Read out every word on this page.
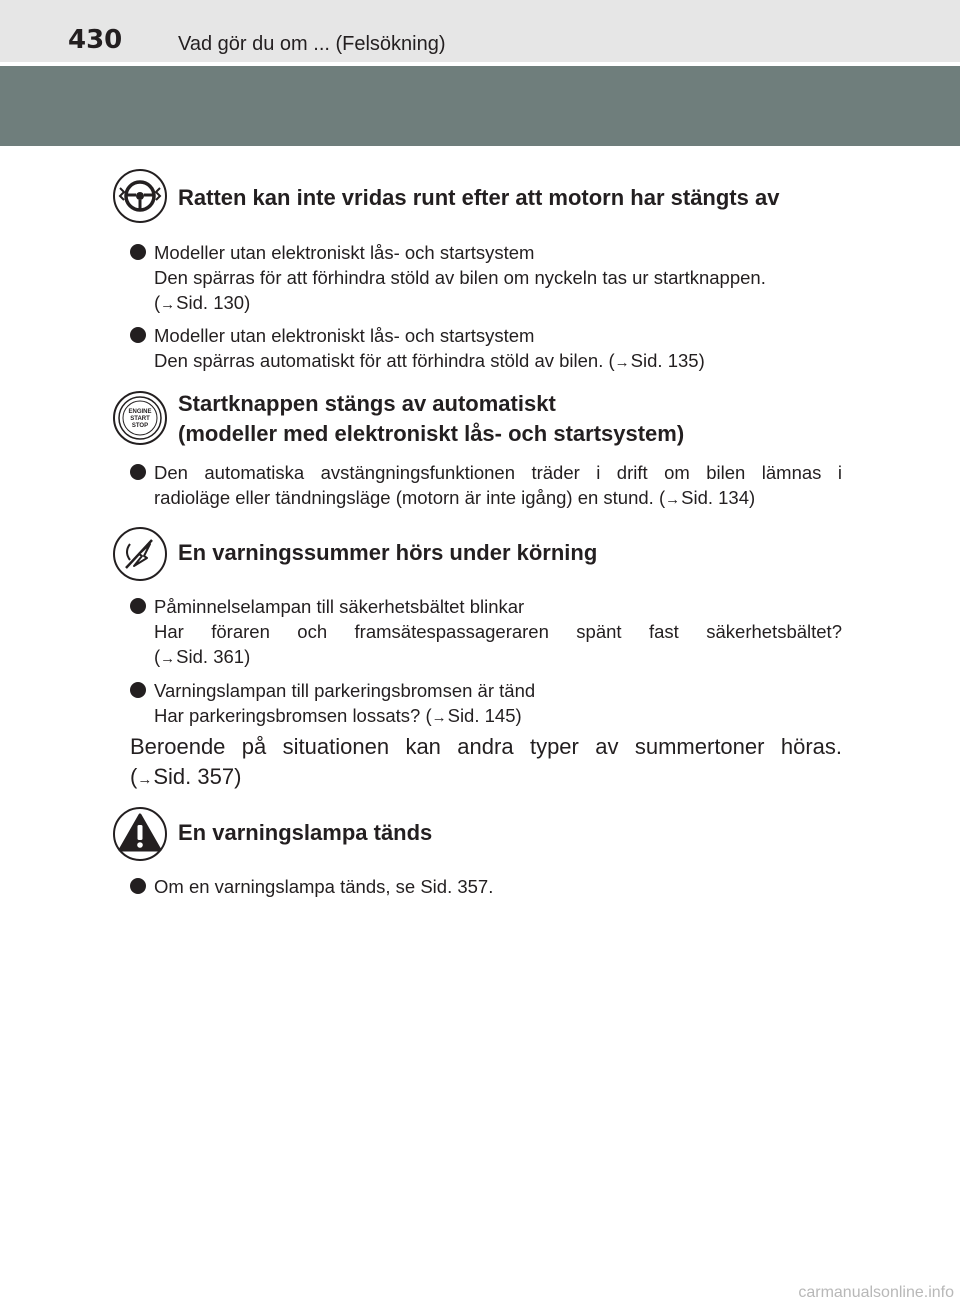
430	Vad gör du om ... (Felsökning)
Ratten kan inte vridas runt efter att motorn har stängts av
Modeller utan elektroniskt lås- och startsystem
Den spärras för att förhindra stöld av bilen om nyckeln tas ur startknappen.
(→Sid. 130)
Modeller utan elektroniskt lås- och startsystem
Den spärras automatiskt för att förhindra stöld av bilen. (→Sid. 135)
ENGINE
START
STOP
Startknappen stängs av automatiskt
(modeller med elektroniskt lås- och startsystem)
Den automatiska avstängningsfunktionen träder i drift om bilen lämnas i
radioläge eller tändningsläge (motorn är inte igång) en stund. (→Sid. 134)
En varningssummer hörs under körning
Påminnelselampan till säkerhetsbältet blinkar
Har föraren och framsätespassageraren spänt fast säkerhetsbältet?
(→Sid. 361)
Varningslampan till parkeringsbromsen är tänd
Har parkeringsbromsen lossats? (→Sid. 145)
Beroende på situationen kan andra typer av summertoner höras.
(→Sid. 357)
En varningslampa tänds
Om en varningslampa tänds, se Sid. 357.
carmanualsonline.info
